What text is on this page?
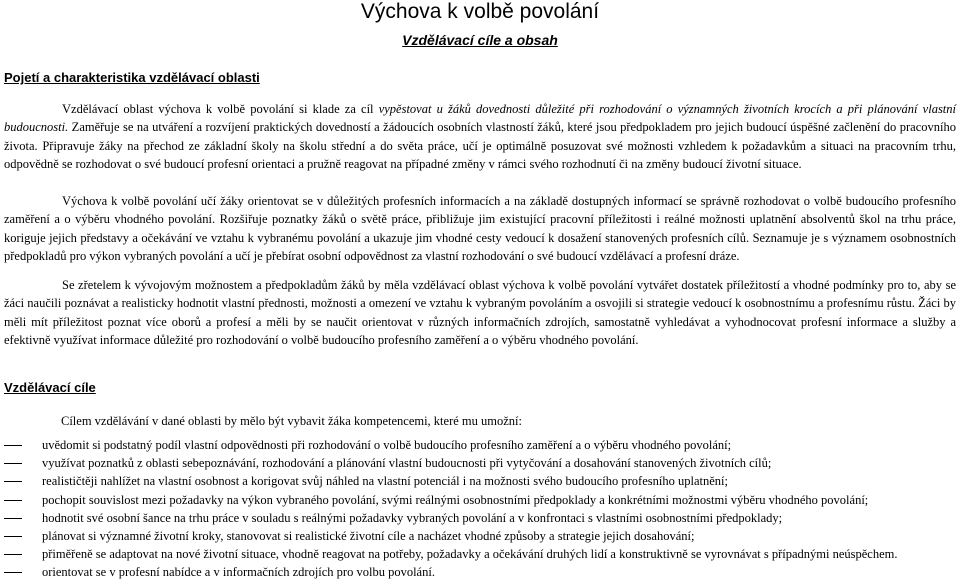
Výchova k volbě povolání
Vzdělávací cíle a obsah
Pojetí a charakteristika vzdělávací oblasti

Vzdělávací oblast výchova k volbě povolání si klade za cíl vypěstovat u žáků dovednosti důležité při rozhodování o významných životních krocích a při plánování vlastní budoucnosti. Zaměřuje se na utváření a rozvíjení praktických dovedností a žádoucích osobních vlastností žáků, které jsou předpokladem pro jejich budoucí úspěšné začlenění do pracovního života. Připravuje žáky na přechod ze základní školy na školu střední a do světa práce, učí je optimálně posuzovat své možnosti vzhledem k požadavkům a situaci na pracovním trhu, odpovědně se rozhodovat o své budoucí profesní orientaci a pružně reagovat na případné změny v rámci svého rozhodnutí či na změny budoucí životní situace.

Výchova k volbě povolání učí žáky orientovat se v důležitých profesních informacích a na základě dostupných informací se správně rozhodovat o volbě budoucího profesního zaměření a o výběru vhodného povolání. Rozšiřuje poznatky žáků o světě práce, přibližuje jim existující pracovní příležitosti i reálné možnosti uplatnění absolventů škol na trhu práce, koriguje jejich představy a očekávání ve vztahu k vybranému povolání a ukazuje jim vhodné cesty vedoucí k dosažení stanovených profesních cílů. Seznamuje je s významem osobnostních předpokladů pro výkon vybraných povolání a učí je přebírat osobní odpovědnost za vlastní rozhodování o své budoucí vzdělávací a profesní dráze.

Se zřetelem k vývojovým možnostem a předpokladům žáků by měla vzdělávací oblast výchova k volbě povolání vytvářet dostatek příležitostí a vhodné podmínky pro to, aby se žáci naučili poznávat a realisticky hodnotit vlastní přednosti, možnosti a omezení ve vztahu k vybraným povoláním a osvojili si strategie vedoucí k osobnostnímu a profesnímu růstu. Žáci by měli mít příležitost poznat více oborů a profesí a měli by se naučit orientovat v různých informačních zdrojích, samostatně vyhledávat a vyhodnocovat profesní informace a služby a efektivně využívat informace důležité pro rozhodování o volbě budoucího profesního zaměření a o výběru vhodného povolání.

Vzdělávací cíle
Cílem vzdělávání v dané oblasti by mělo být vybavit žáka kompetencemi, které mu umožní:
uvědomit si podstatný podíl vlastní odpovědnosti při rozhodování o volbě budoucího profesního zaměření a o výběru vhodného povolání;
využívat poznatků z oblasti sebepoznávání, rozhodování a plánování vlastní budoucnosti při vytyčování a dosahování stanovených životních cílů;
realističtěji nahlížet na vlastní osobnost a korigovat svůj náhled na vlastní potenciál i na možnosti svého budoucího profesního uplatnění;
pochopit souvislost mezi požadavky na výkon vybraného povolání, svými reálnými osobnostními předpoklady a konkrétními možnostmi výběru vhodného povolání;
hodnotit své osobní šance na trhu práce v souladu s reálnými požadavky vybraných povolání a v konfrontaci s vlastními osobnostními předpoklady;
plánovat si významné životní kroky, stanovovat si realistické životní cíle a nacházet vhodné způsoby a strategie jejich dosahování;
přiměřeně se adaptovat na nové životní situace, vhodně reagovat na potřeby, požadavky a očekávání druhých lidí a konstruktivně se vyrovnávat s případnými neúspěchem.
orientovat se v profesní nabídce a v informačních zdrojích pro volbu povolání.
